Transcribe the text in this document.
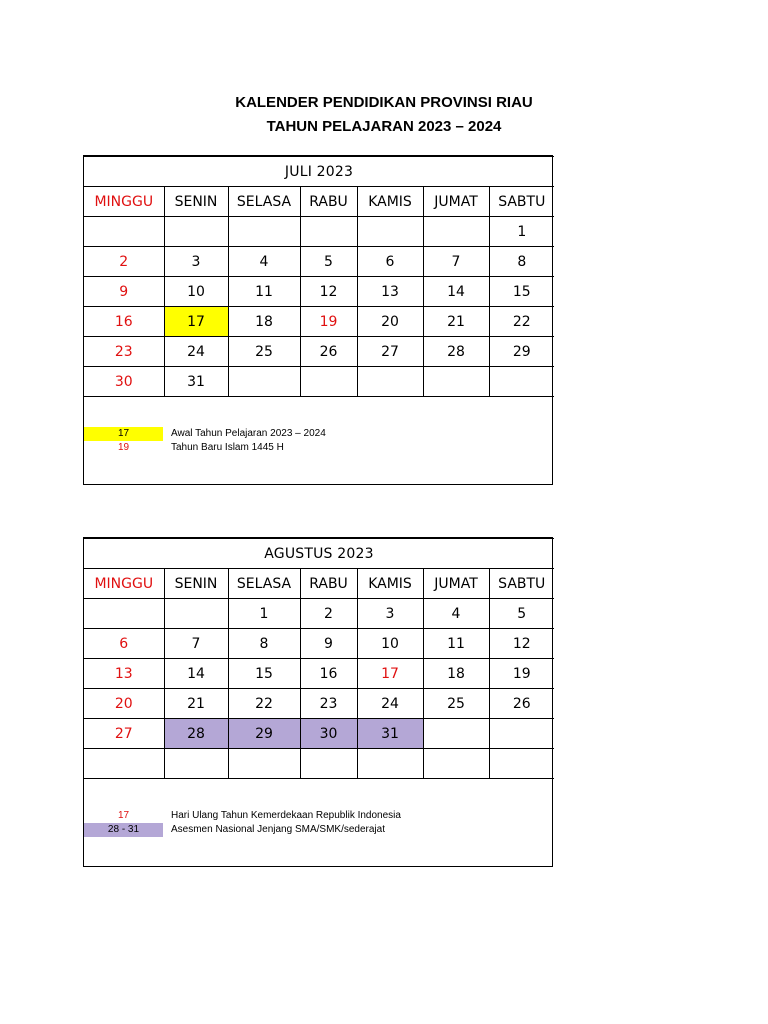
KALENDER PENDIDIKAN PROVINSI RIAU
TAHUN PELAJARAN 2023 – 2024
JULI 2023						
MINGGU	SENIN	SELASA	RABU	KAMIS	JUMAT	SABTU
						1
2	3	4	5	6	7	8
9	10	11	12	13	14	15
16	17	18	19	20	21	22
23	24	25	26	27	28	29
30	31					
17	Awal Tahun Pelajaran 2023 – 2024
19	Tahun Baru Islam 1445 H
AGUSTUS 2023						
MINGGU	SENIN	SELASA	RABU	KAMIS	JUMAT	SABTU
		1	2	3	4	5
6	7	8	9	10	11	12
13	14	15	16	17	18	19
20	21	22	23	24	25	26
27	28	29	30	31		

17	Hari Ulang Tahun Kemerdekaan Republik Indonesia
28 - 31	Asesmen Nasional Jenjang SMA/SMK/sederajat
